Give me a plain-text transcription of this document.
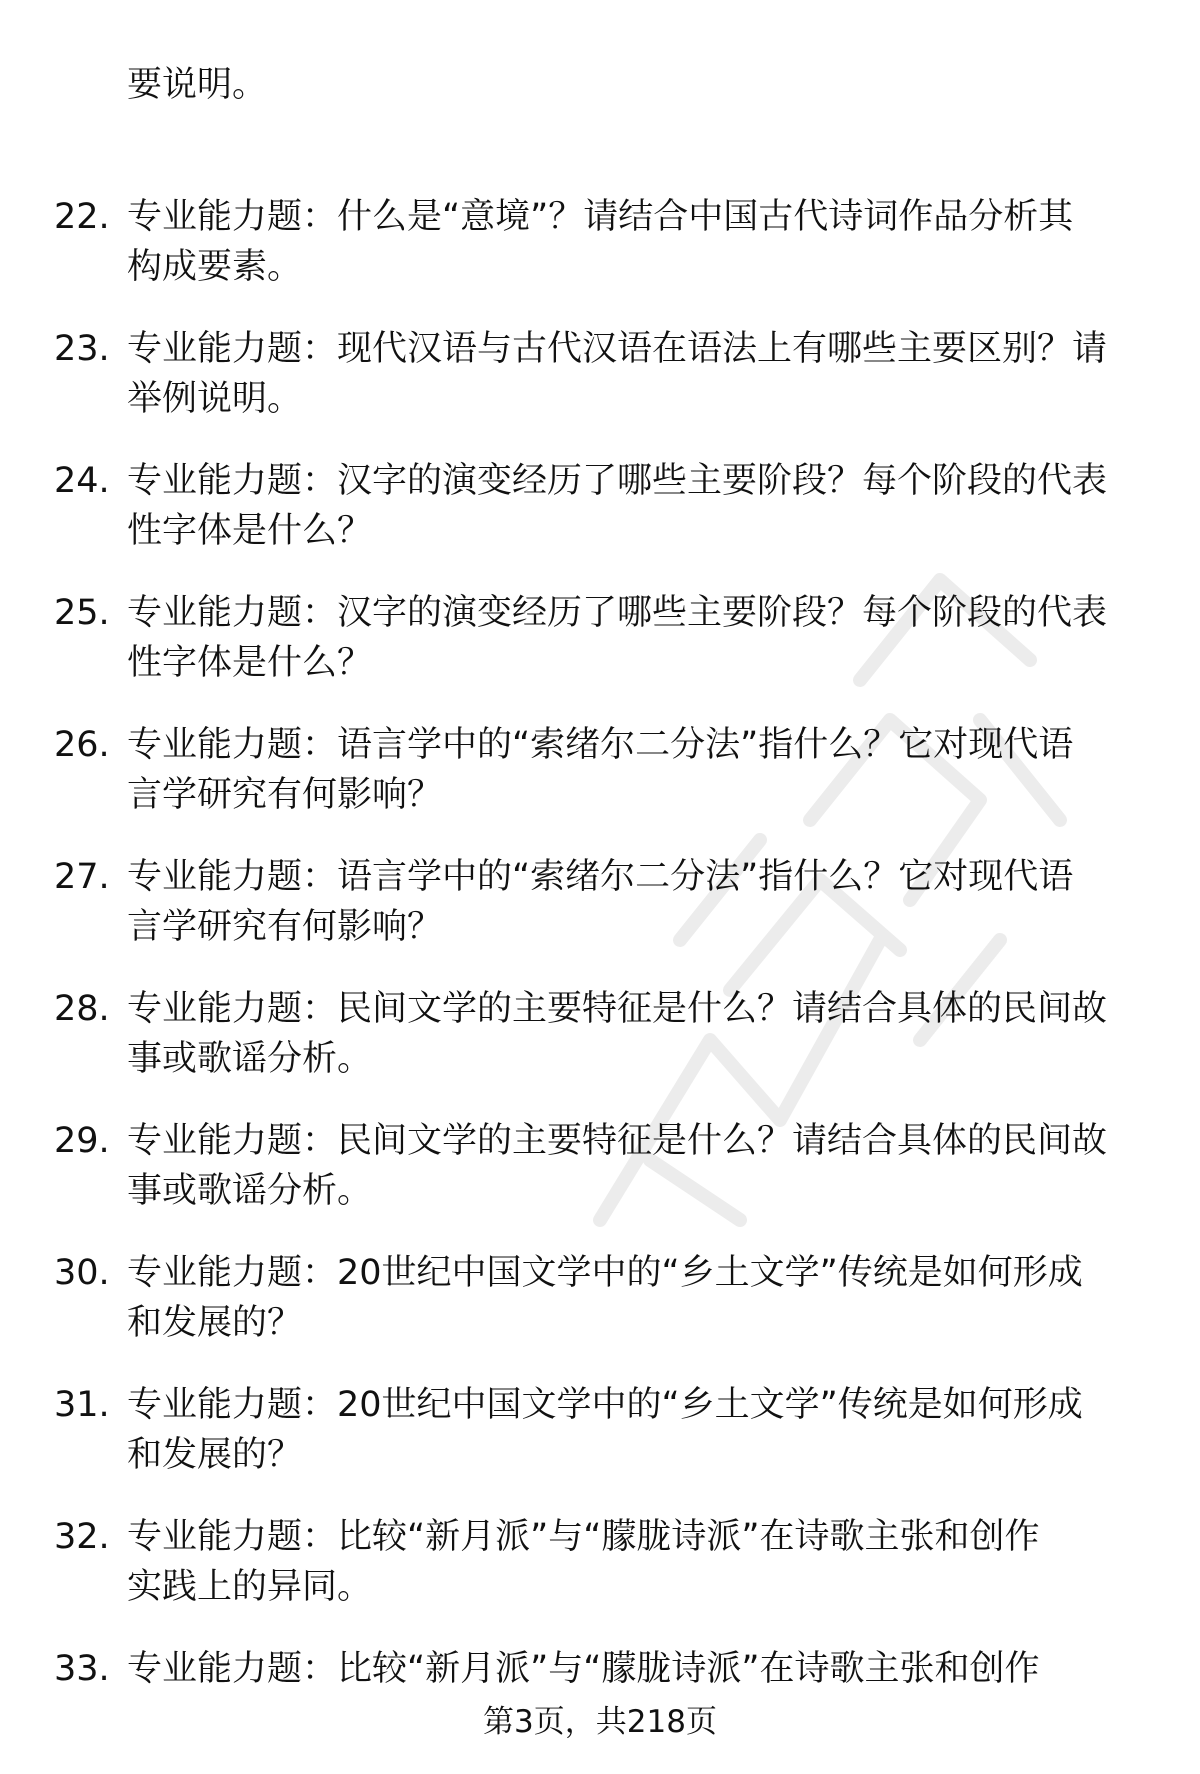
要说明。
22. 专业能力题：什么是“意境”？请结合中国古代诗词作品分析其
构成要素。
23. 专业能力题：现代汉语与古代汉语在语法上有哪些主要区别？请
举例说明。
24. 专业能力题：汉字的演变经历了哪些主要阶段？每个阶段的代表
性字体是什么？
25. 专业能力题：汉字的演变经历了哪些主要阶段？每个阶段的代表
性字体是什么？
26. 专业能力题：语言学中的“索绪尔二分法”指什么？它对现代语
言学研究有何影响？
27. 专业能力题：语言学中的“索绪尔二分法”指什么？它对现代语
言学研究有何影响？
28. 专业能力题：民间文学的主要特征是什么？请结合具体的民间故
事或歌谣分析。
29. 专业能力题：民间文学的主要特征是什么？请结合具体的民间故
事或歌谣分析。
30. 专业能力题：20世纪中国文学中的“乡土文学”传统是如何形成
和发展的？
31. 专业能力题：20世纪中国文学中的“乡土文学”传统是如何形成
和发展的？
32. 专业能力题：比较“新月派”与“朦胧诗派”在诗歌主张和创作
实践上的异同。
33. 专业能力题：比较“新月派”与“朦胧诗派”在诗歌主张和创作
第3页，共218页
